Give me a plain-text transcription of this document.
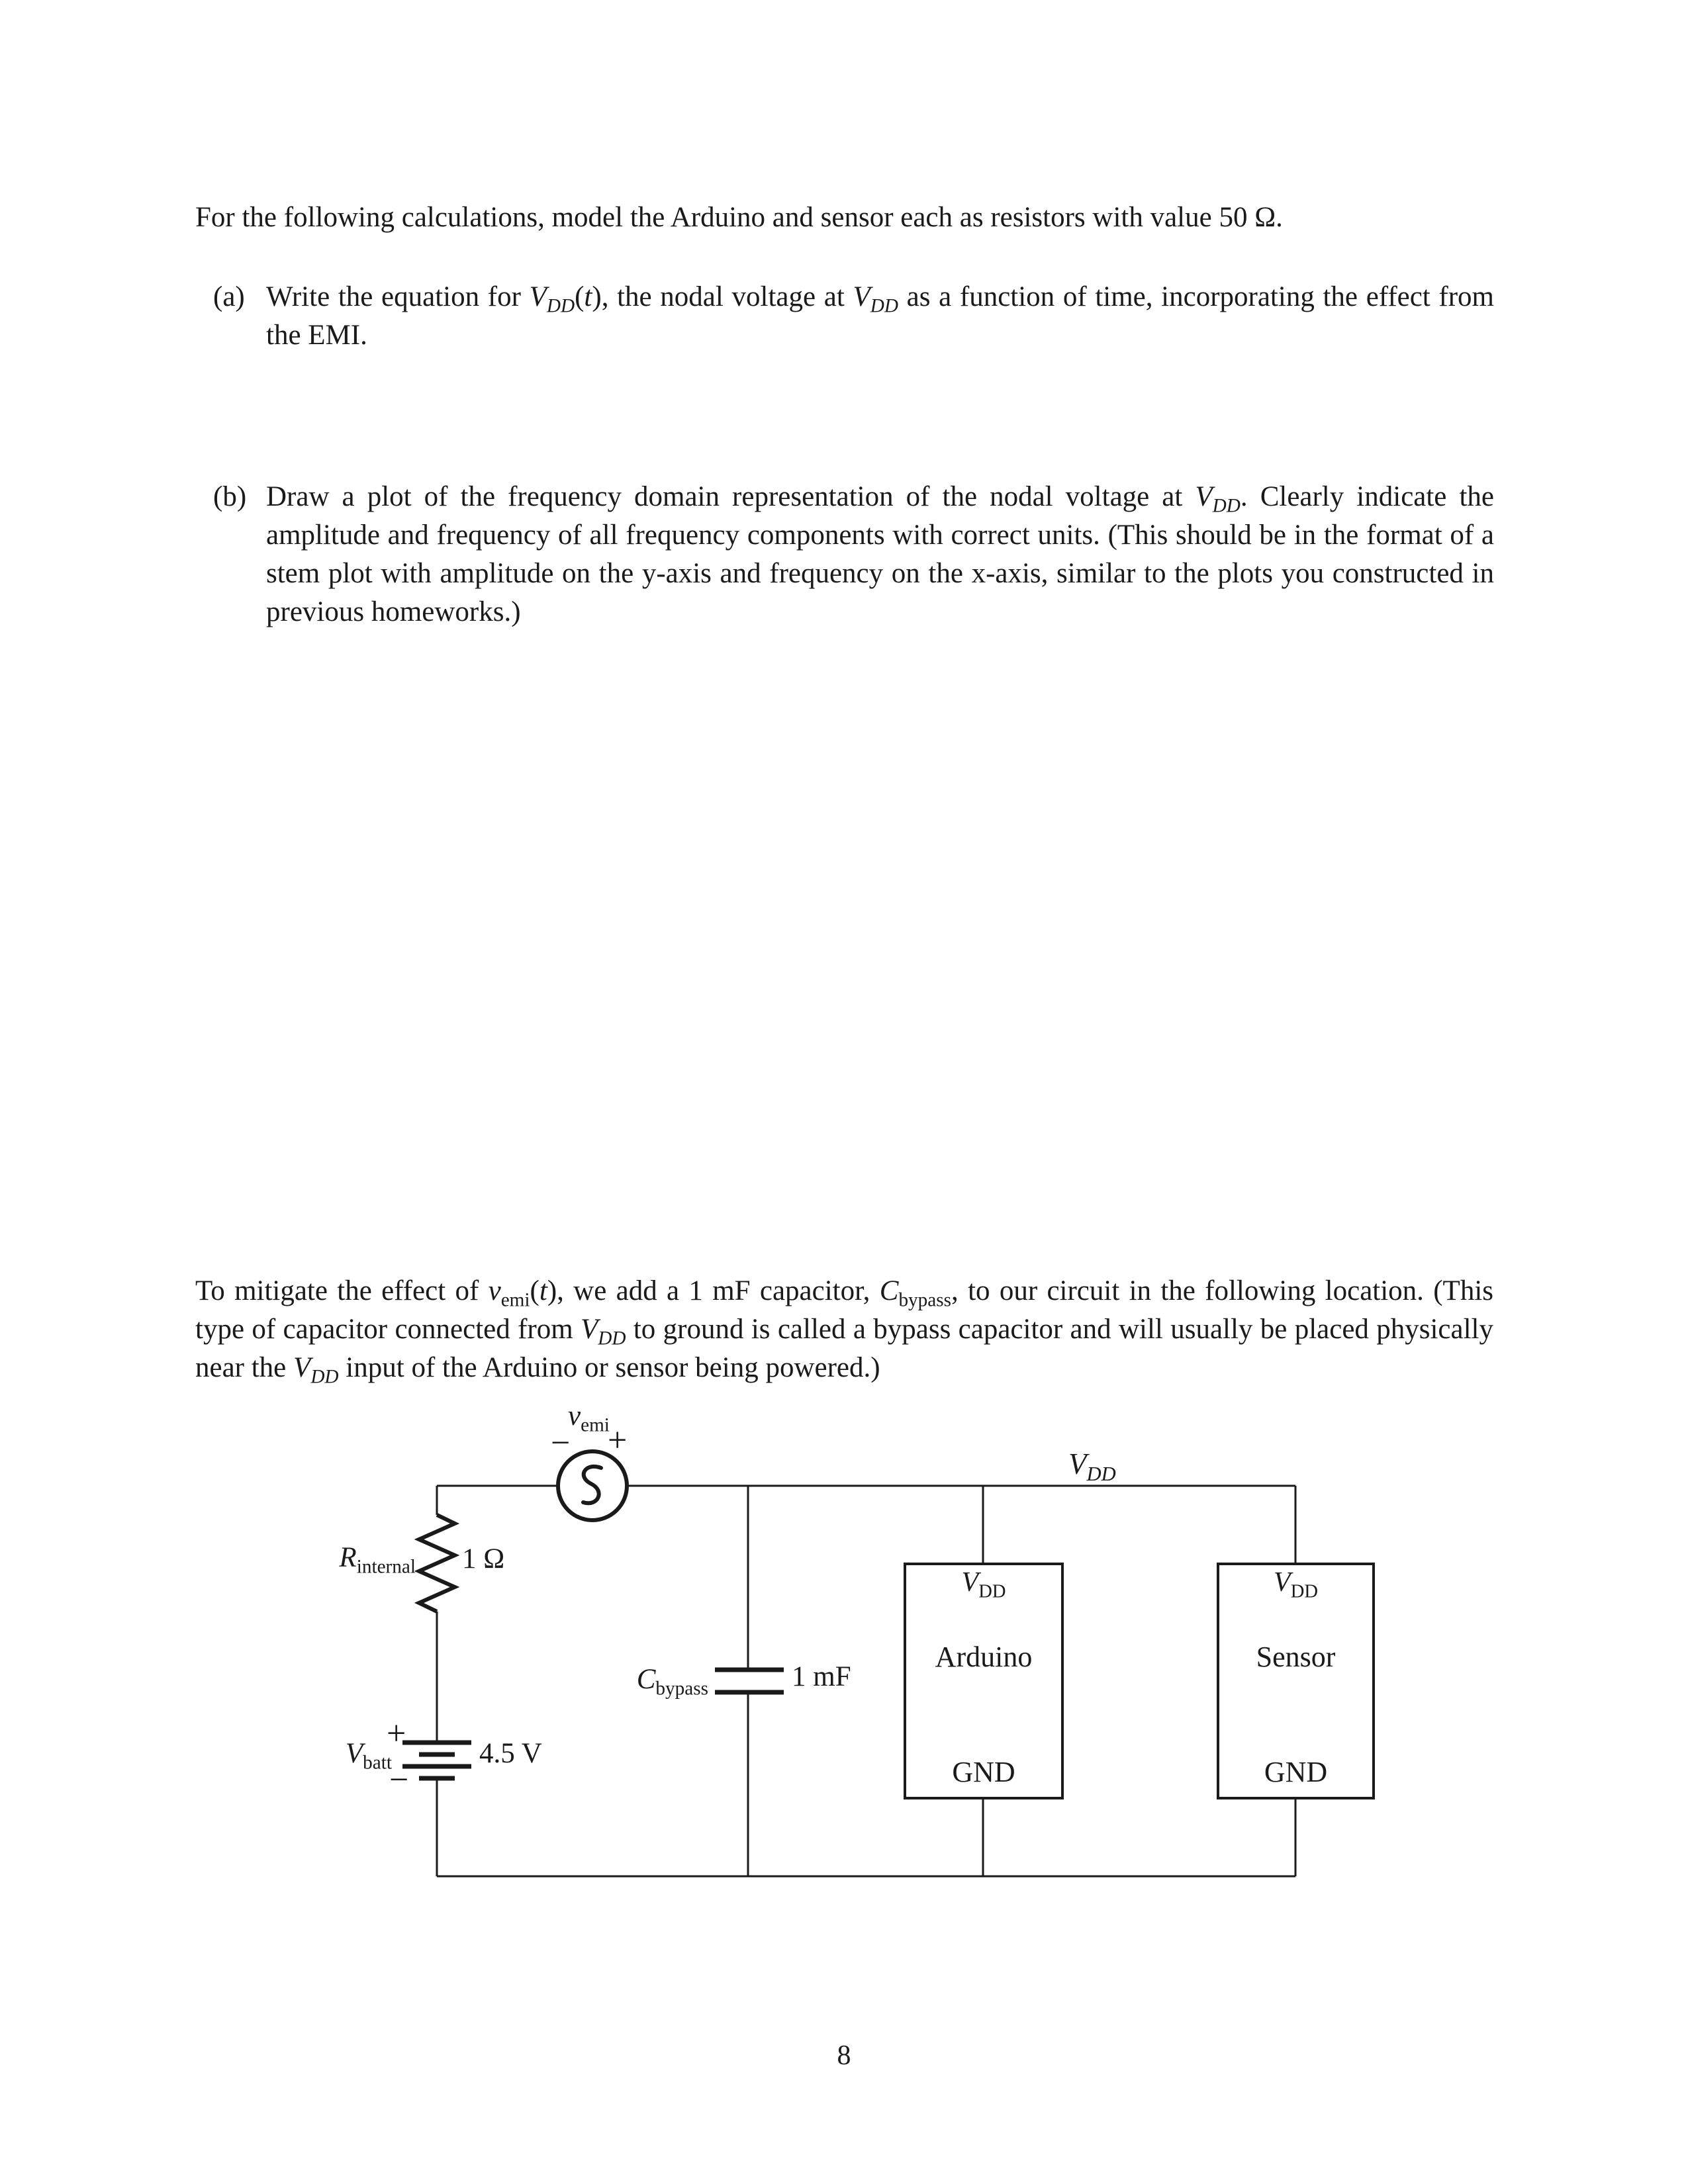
For the following calculations, model the Arduino and sensor each as resistors with value 50 Ω.
(a) Write the equation for $V_{DD}(t)$, the nodal voltage at $V_{DD}$ as a function of time, incorporating the effect from the EMI.
(b) Draw a plot of the frequency domain representation of the nodal voltage at $V_{DD}$. Clearly indicate the amplitude and frequency of all frequency components with correct units. (This should be in the format of a stem plot with amplitude on the y-axis and frequency on the x-axis, similar to the plots you constructed in previous homeworks.)
To mitigate the effect of $v_{emi}(t)$, we add a 1 mF capacitor, $C_{bypass}$, to our circuit in the following location. (This type of capacitor connected from $V_{DD}$ to ground is called a bypass capacitor and will usually be placed physically near the $V_{DD}$ input of the Arduino or sensor being powered.)
−
$v_{emi}$
+
$V_{DD}$
$R_{internal}$ 1 Ω
+
$V_{batt}$
−
4.5 V
$C_{bypass}$	1 mF
$V_{DD}$
Arduino
GND
$V_{DD}$
Sensor
GND
8
